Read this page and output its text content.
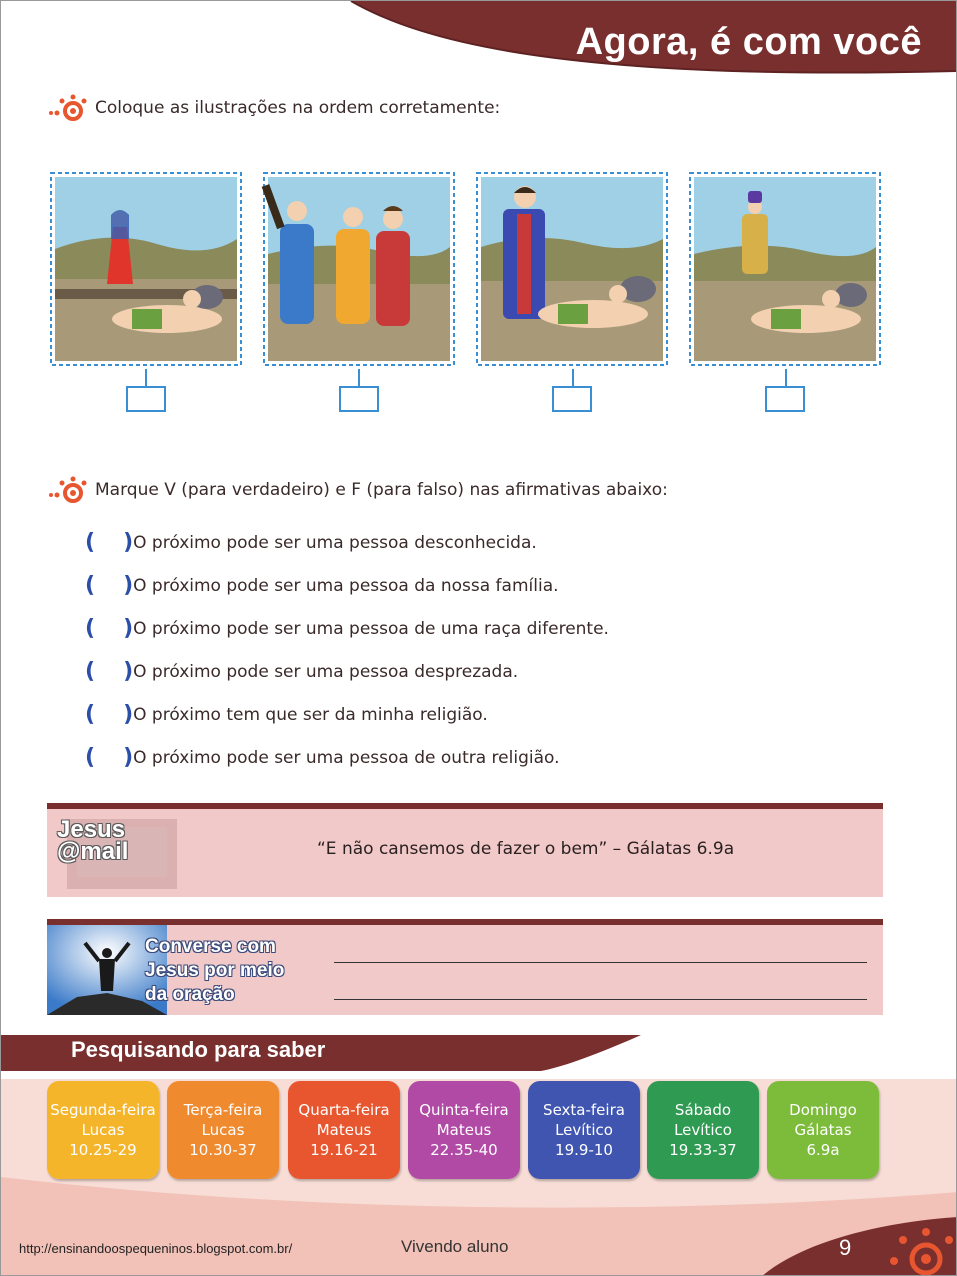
Agora, é com você
Coloque as ilustrações na ordem corretamente:
Marque V (para verdadeiro) e F (para falso) nas afirmativas abaixo:
( ) O próximo pode ser uma pessoa desconhecida.
( ) O próximo pode ser uma pessoa da nossa família.
( ) O próximo pode ser uma pessoa de uma raça diferente.
( ) O próximo pode ser uma pessoa desprezada.
( ) O próximo tem que ser da minha religião.
( ) O próximo pode ser uma pessoa de outra religião.
Jesus
@mail	“E não cansemos de fazer o bem” – Gálatas 6.9a
Converse com
Jesus por meio
da oração
Pesquisando para saber
Segunda-feira
Lucas
10.25-29
Terça-feira
Lucas
10.30-37
Quarta-feira
Mateus
19.16-21
Quinta-feira
Mateus
22.35-40
Sexta-feira
Levítico
19.9-10
Sábado
Levítico
19.33-37
Domingo
Gálatas
6.9a
http://ensinandoospequeninos.blogspot.com.br/	Vivendo aluno	9
